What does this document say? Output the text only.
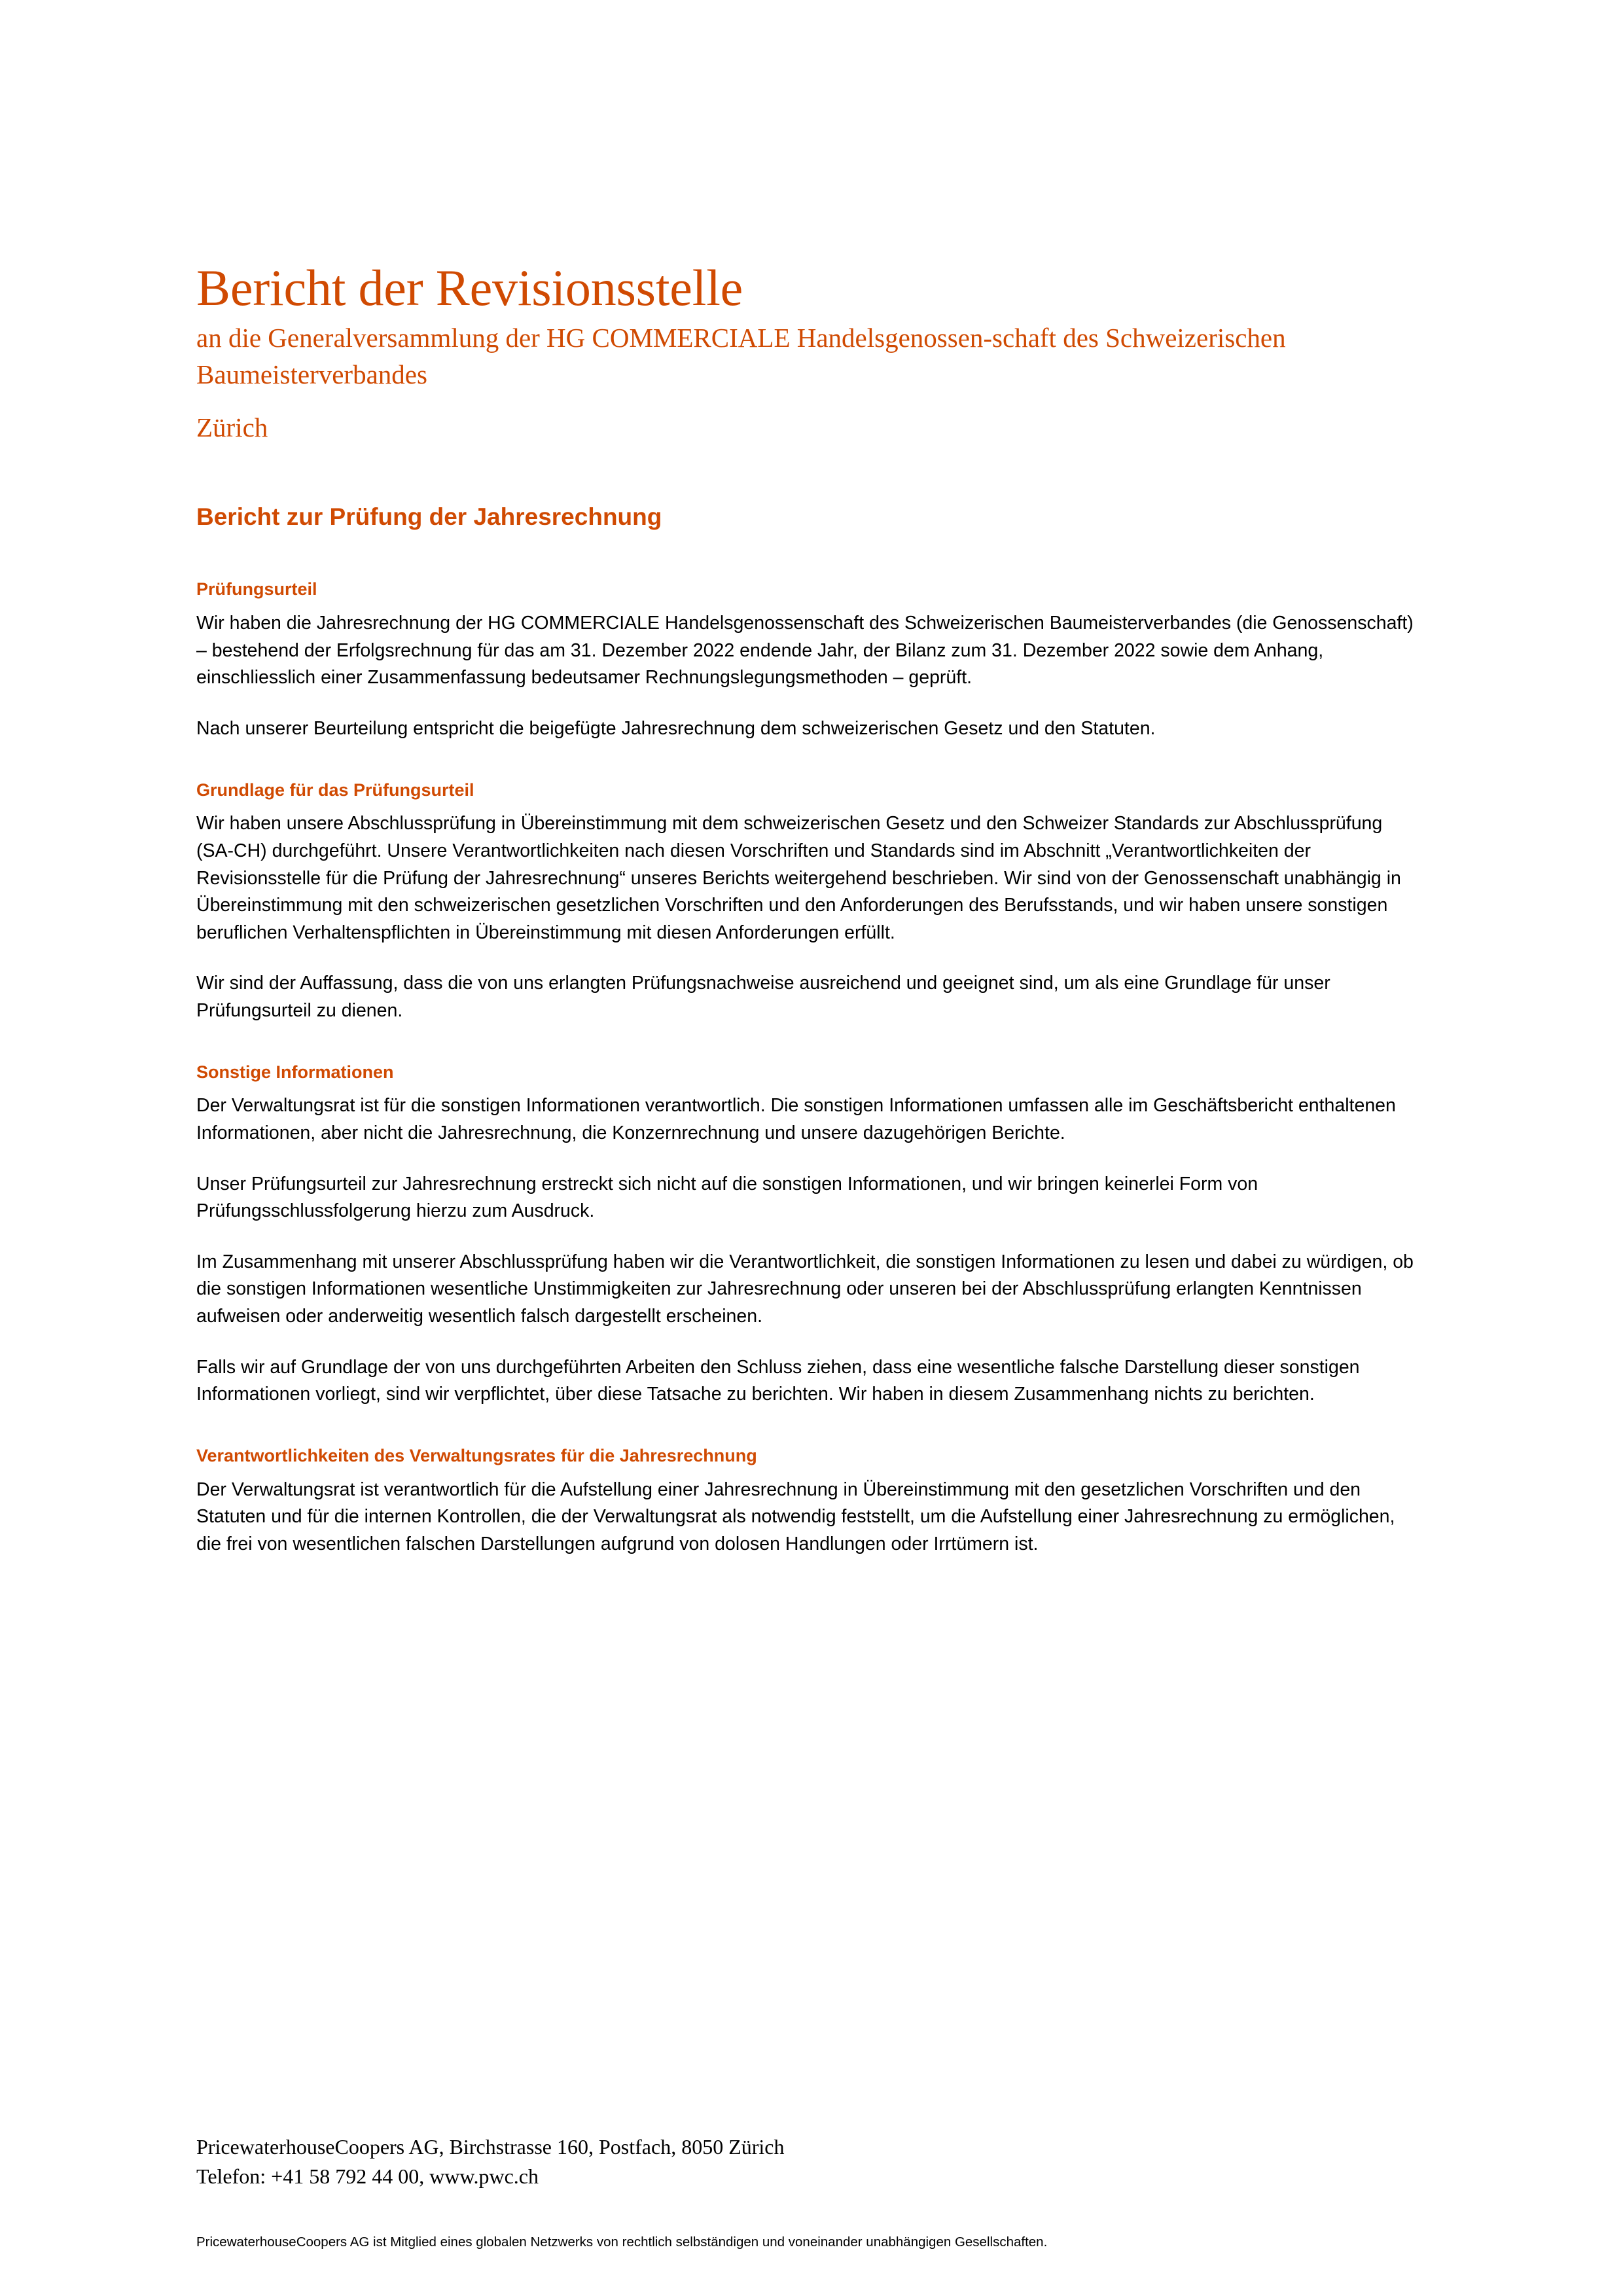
Bericht der Revisionsstelle
an die Generalversammlung der HG COMMERCIALE Handelsgenossen-schaft des Schweizerischen Baumeisterverbandes
Zürich
Bericht zur Prüfung der Jahresrechnung
Prüfungsurteil

Wir haben die Jahresrechnung der HG COMMERCIALE Handelsgenossenschaft des Schweizerischen Baumeisterverbandes (die Genossenschaft) – bestehend der Erfolgsrechnung für das am 31. Dezember 2022 endende Jahr, der Bilanz zum 31. Dezember 2022 sowie dem Anhang, einschliesslich einer Zusammenfassung bedeutsamer Rechnungslegungsmethoden – geprüft.

Nach unserer Beurteilung entspricht die beigefügte Jahresrechnung dem schweizerischen Gesetz und den Statuten.

Grundlage für das Prüfungsurteil

Wir haben unsere Abschlussprüfung in Übereinstimmung mit dem schweizerischen Gesetz und den Schweizer Standards zur Abschlussprüfung (SA-CH) durchgeführt. Unsere Verantwortlichkeiten nach diesen Vorschriften und Standards sind im Abschnitt „Verantwortlichkeiten der Revisionsstelle für die Prüfung der Jahresrechnung“ unseres Berichts weitergehend beschrieben. Wir sind von der Genossenschaft unabhängig in Übereinstimmung mit den schweizerischen gesetzlichen Vorschriften und den Anforderungen des Berufsstands, und wir haben unsere sonstigen beruflichen Verhaltenspflichten in Übereinstimmung mit diesen Anforderungen erfüllt.

Wir sind der Auffassung, dass die von uns erlangten Prüfungsnachweise ausreichend und geeignet sind, um als eine Grundlage für unser Prüfungsurteil zu dienen.

Sonstige Informationen

Der Verwaltungsrat ist für die sonstigen Informationen verantwortlich. Die sonstigen Informationen umfassen alle im Geschäftsbericht enthaltenen Informationen, aber nicht die Jahresrechnung, die Konzernrechnung und unsere dazugehörigen Berichte.

Unser Prüfungsurteil zur Jahresrechnung erstreckt sich nicht auf die sonstigen Informationen, und wir bringen keinerlei Form von Prüfungsschlussfolgerung hierzu zum Ausdruck.

Im Zusammenhang mit unserer Abschlussprüfung haben wir die Verantwortlichkeit, die sonstigen Informationen zu lesen und dabei zu würdigen, ob die sonstigen Informationen wesentliche Unstimmigkeiten zur Jahresrechnung oder unseren bei der Abschlussprüfung erlangten Kenntnissen aufweisen oder anderweitig wesentlich falsch dargestellt erscheinen.

Falls wir auf Grundlage der von uns durchgeführten Arbeiten den Schluss ziehen, dass eine wesentliche falsche Darstellung dieser sonstigen Informationen vorliegt, sind wir verpflichtet, über diese Tatsache zu berichten. Wir haben in diesem Zusammenhang nichts zu berichten.

Verantwortlichkeiten des Verwaltungsrates für die Jahresrechnung

Der Verwaltungsrat ist verantwortlich für die Aufstellung einer Jahresrechnung in Übereinstimmung mit den gesetzlichen Vorschriften und den Statuten und für die internen Kontrollen, die der Verwaltungsrat als notwendig feststellt, um die Aufstellung einer Jahresrechnung zu ermöglichen, die frei von wesentlichen falschen Darstellungen aufgrund von dolosen Handlungen oder Irrtümern ist.

PricewaterhouseCoopers AG, Birchstrasse 160, Postfach, 8050 Zürich
Telefon: +41 58 792 44 00, www.pwc.ch
PricewaterhouseCoopers AG ist Mitglied eines globalen Netzwerks von rechtlich selbständigen und voneinander unabhängigen Gesellschaften.
